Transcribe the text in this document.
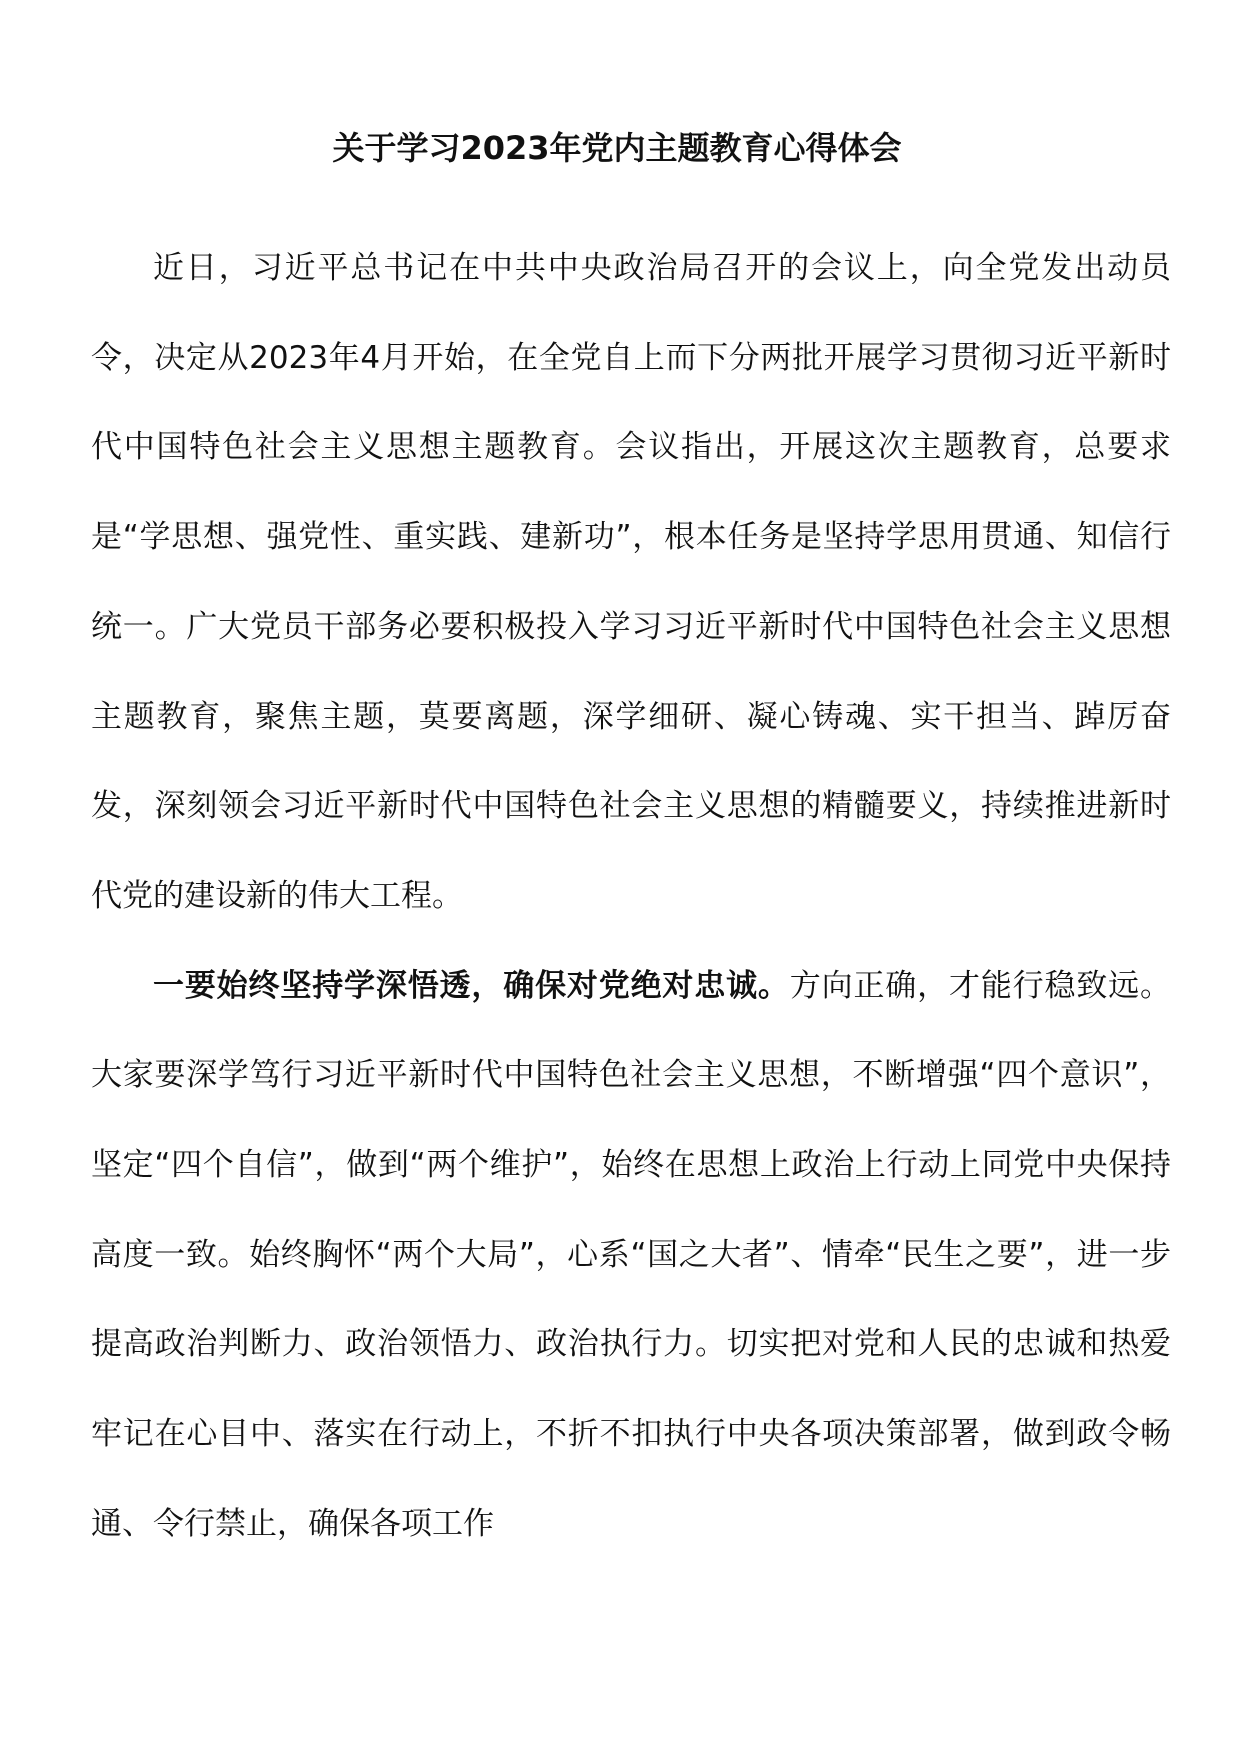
关于学习2023年党内主题教育心得体会

近日，习近平总书记在中共中央政治局召开的会议上，向全党发出动员令，决定从2023年4月开始，在全党自上而下分两批开展学习贯彻习近平新时代中国特色社会主义思想主题教育。会议指出，开展这次主题教育，总要求是“学思想、强党性、重实践、建新功”，根本任务是坚持学思用贯通、知信行统一。广大党员干部务必要积极投入学习习近平新时代中国特色社会主义思想主题教育，聚焦主题，莫要离题，深学细研、凝心铸魂、实干担当、踔厉奋发，深刻领会习近平新时代中国特色社会主义思想的精髓要义，持续推进新时代党的建设新的伟大工程。

一要始终坚持学深悟透，确保对党绝对忠诚。方向正确，才能行稳致远。大家要深学笃行习近平新时代中国特色社会主义思想，不断增强“四个意识”，坚定“四个自信”，做到“两个维护”，始终在思想上政治上行动上同党中央保持高度一致。始终胸怀“两个大局”，心系“国之大者”、情牵“民生之要”，进一步提高政治判断力、政治领悟力、政治执行力。切实把对党和人民的忠诚和热爱牢记在心目中、落实在行动上，不折不扣执行中央各项决策部署，做到政令畅通、令行禁止，确保各项工作
